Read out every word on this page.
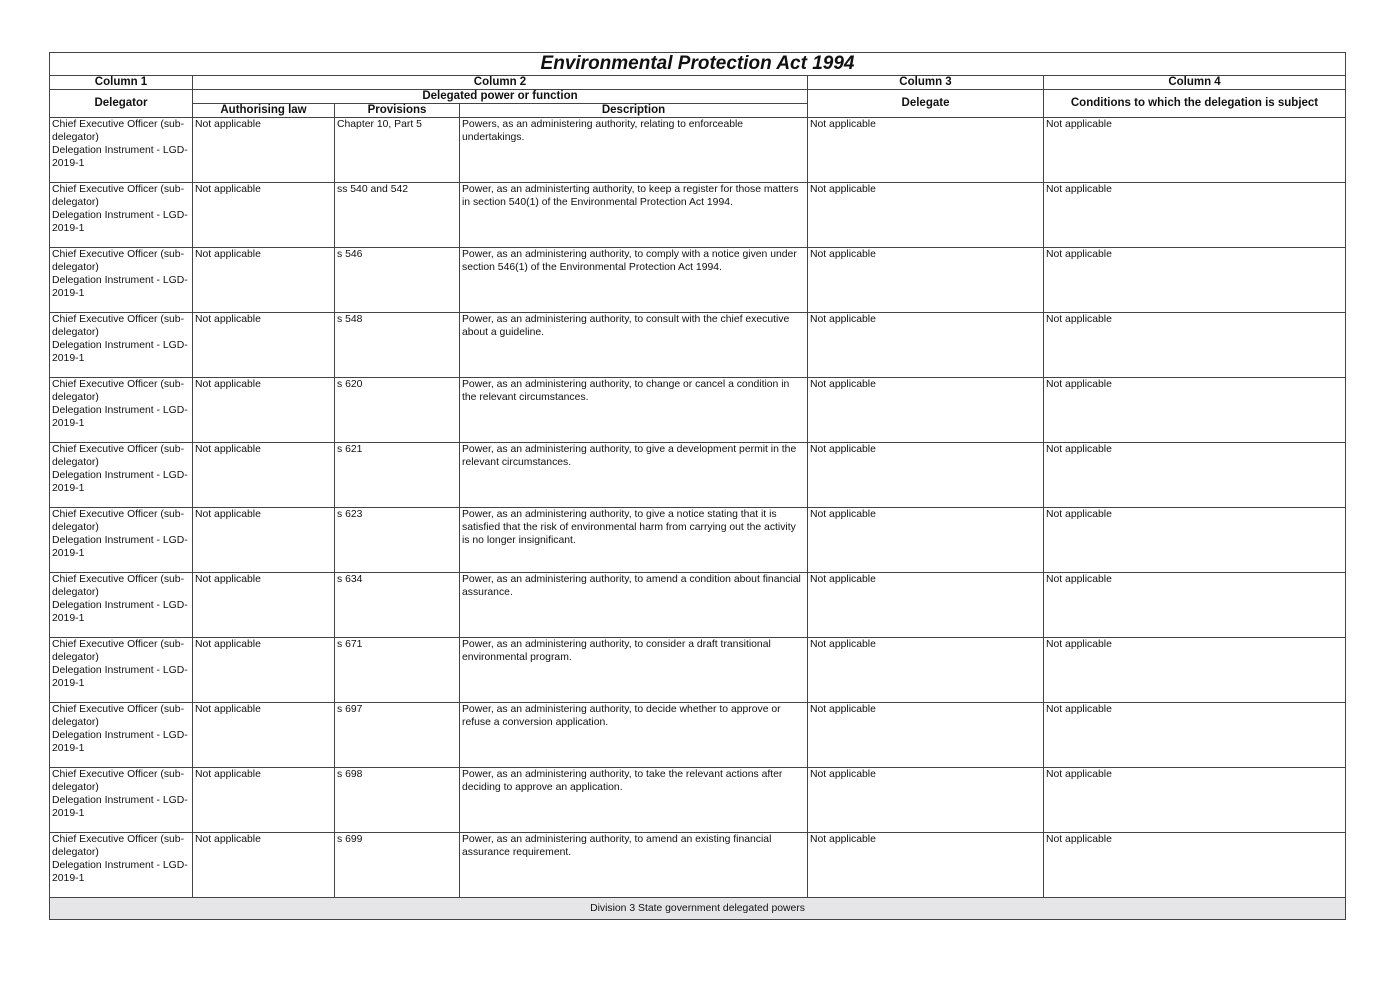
Environmental Protection Act 1994					
Column 1	Column 2			Column 3	Column 4
Delegator	Delegated power or function			Delegate	Conditions to which the delegation is subject
	Authorising law	Provisions	Description		
Chief Executive Officer (sub-delegator)
Delegation Instrument - LGD-2019-1	Not applicable	Chapter 10, Part 5	Powers, as an administering authority, relating to enforceable undertakings.	Not applicable	Not applicable
Chief Executive Officer (sub-delegator)
Delegation Instrument - LGD-2019-1	Not applicable	ss 540 and 542	Power, as an administerting authority, to keep a register for those matters in section 540(1) of the Environmental Protection Act 1994.	Not applicable	Not applicable
Chief Executive Officer (sub-delegator)
Delegation Instrument - LGD-2019-1	Not applicable	s 546	Power, as an administering authority, to comply with a notice given under section 546(1) of the Environmental Protection Act 1994.	Not applicable	Not applicable
Chief Executive Officer (sub-delegator)
Delegation Instrument - LGD-2019-1	Not applicable	s 548	Power, as an administering authority, to consult with the chief executive about a guideline.	Not applicable	Not applicable
Chief Executive Officer (sub-delegator)
Delegation Instrument - LGD-2019-1	Not applicable	s 620	Power, as an administering authority, to change or cancel a condition in the relevant circumstances.	Not applicable	Not applicable
Chief Executive Officer (sub-delegator)
Delegation Instrument - LGD-2019-1	Not applicable	s 621	Power, as an administering authority, to give a development permit in the relevant circumstances.	Not applicable	Not applicable
Chief Executive Officer (sub-delegator)
Delegation Instrument - LGD-2019-1	Not applicable	s 623	Power, as an administering authority, to give a notice stating that it is satisfied that the risk of environmental harm from carrying out the activity is no longer insignificant.	Not applicable	Not applicable
Chief Executive Officer (sub-delegator)
Delegation Instrument - LGD-2019-1	Not applicable	s 634	Power, as an administering authority, to amend a condition about financial assurance.	Not applicable	Not applicable
Chief Executive Officer (sub-delegator)
Delegation Instrument - LGD-2019-1	Not applicable	s 671	Power, as an administering authority, to consider a draft transitional environmental program.	Not applicable	Not applicable
Chief Executive Officer (sub-delegator)
Delegation Instrument - LGD-2019-1	Not applicable	s 697	Power, as an administering authority, to decide whether to approve or refuse a conversion application.	Not applicable	Not applicable
Chief Executive Officer (sub-delegator)
Delegation Instrument - LGD-2019-1	Not applicable	s 698	Power, as an administering authority, to take the relevant actions after deciding to approve an application.	Not applicable	Not applicable
Chief Executive Officer (sub-delegator)
Delegation Instrument - LGD-2019-1	Not applicable	s 699	Power, as an administering authority, to amend an existing financial assurance requirement.	Not applicable	Not applicable
Division 3 State government delegated powers					
